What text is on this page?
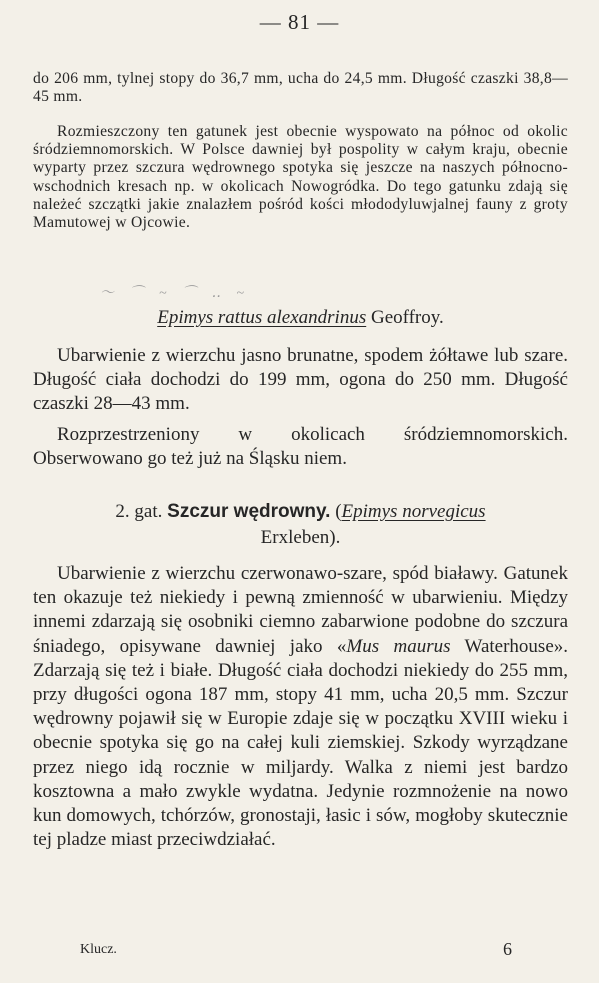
— 81 —

do 206 mm, tylnej stopy do 36,7 mm, ucha do 24,5 mm. Długość czaszki 38,8—45 mm.

Rozmieszczony ten gatunek jest obecnie wyspowato na północ od okolic śródziemnomorskich. W Polsce dawniej był pospolity w całym kraju, obecnie wyparty przez szczura wędrownego spotyka się jeszcze na naszych północno-wschodnich kresach np. w okolicach Nowogródka. Do tego gatunku zdają się należeć szczątki jakie znalazłem pośród kości młododyluwjalnej fauny z groty Mamutowej w Ojcowie.

〜 ⌒ ~ ⌒ ‥ ~

Epimys rattus alexandrinus Geoffroy.

Ubarwienie z wierzchu jasno brunatne, spodem żółtawe lub szare. Długość ciała dochodzi do 199 mm, ogona do 250 mm. Długość czaszki 28—43 mm.

Rozprzestrzeniony w okolicach śródziemnomorskich. Obserwowano go też już na Śląsku niem.

2. gat. Szczur wędrowny. (Epimys norvegicus

Erxleben).

Ubarwienie z wierzchu czerwonawo-szare, spód białawy. Gatunek ten okazuje też niekiedy i pewną zmienność w ubarwieniu. Między innemi zdarzają się osobniki ciemno zabarwione podobne do szczura śniadego, opisywane dawniej jako «Mus maurus Waterhouse». Zdarzają się też i białe. Długość ciała dochodzi niekiedy do 255 mm, przy długości ogona 187 mm, stopy 41 mm, ucha 20,5 mm. Szczur wędrowny pojawił się w Europie zdaje się w początku XVIII wieku i obecnie spotyka się go na całej kuli ziemskiej. Szkody wyrządzane przez niego idą rocznie w miljardy. Walka z niemi jest bardzo kosztowna a mało zwykle wydatna. Jedynie rozmnożenie na nowo kun domowych, tchórzów, gronostaji, łasic i sów, mogłoby skutecznie tej pladze miast przeciwdziałać.

Klucz.	6
